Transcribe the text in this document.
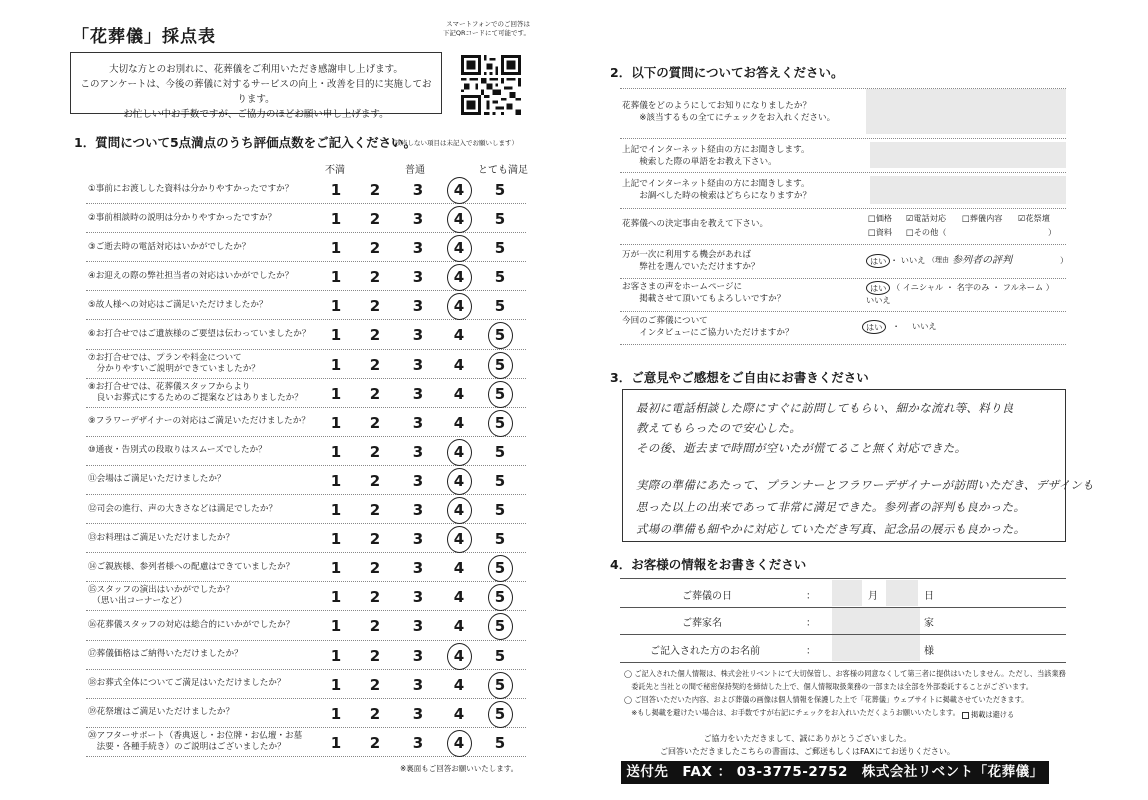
「花葬儀」採点表
スマートフォンでのご回答は
下記QRコードにて可能です。
大切な方とのお別れに、花葬儀をご利用いただき感謝申し上げます。
このアンケートは、今後の葬儀に対するサービスの向上・改善を目的に実施しております。
お忙しい中お手数ですが、ご協力のほどお願い申し上げます。
1．質問について5点満点のうち評価点数をご記入ください。
（該当しない項目は未記入でお願いします）
不満	普通	とても満足
①事前にお渡しした資料は分かりやすかったですか？	1	2	3	4	5
②事前相談時の説明は分かりやすかったですか？	1	2	3	4	5
③ご逝去時の電話対応はいかがでしたか？	1	2	3	4	5
④お迎えの際の弊社担当者の対応はいかがでしたか？	1	2	3	4	5
⑤故人様への対応はご満足いただけましたか？	1	2	3	4	5
⑥お打合せではご遺族様のご要望は伝わっていましたか？	1	2	3	4	5
⑦お打合せでは、プランや料金について
　分かりやすいご説明ができていましたか？	1	2	3	4	5
⑧お打合せでは、花葬儀スタッフからより
　良いお葬式にするためのご提案などはありましたか？	1	2	3	4	5
⑨フラワーデザイナーの対応はご満足いただけましたか？	1	2	3	4	5
⑩通夜・告別式の段取りはスムーズでしたか？	1	2	3	4	5
⑪会場はご満足いただけましたか？	1	2	3	4	5
⑫司会の進行、声の大きさなどは満足でしたか？	1	2	3	4	5
⑬お料理はご満足いただけましたか？	1	2	3	4	5
⑭ご親族様、参列者様への配慮はできていましたか？	1	2	3	4	5
⑮スタッフの演出はいかがでしたか？
　（思い出コーナーなど）	1	2	3	4	5
⑯花葬儀スタッフの対応は総合的にいかがでしたか？	1	2	3	4	5
⑰葬儀価格はご納得いただけましたか？	1	2	3	4	5
⑱お葬式全体についてご満足はいただけましたか？	1	2	3	4	5
⑲花祭壇はご満足いただけましたか？	1	2	3	4	5
⑳アフターサポート（香典返し・お位牌・お仏壇・お墓
　法要・各種手続き）のご説明はございましたか？	1	2	3	4	5
※裏面もご回答お願いいたします。
2．以下の質問についてお答えください。
花葬儀をどのようにしてお知りになりましたか？
　　※該当するもの全てにチェックをお入れください。
上記でインターネット経由の方にお聞きします。
　　検索した際の単語をお教え下さい。
上記でインターネット経由の方にお聞きします。
　　お調べした時の検索はどちらになりますか？
花葬儀への決定事由を教えて下さい。
□価格 ☑電話対応 □葬儀内容 ☑花祭壇
□資料 □その他（	）
万が一次に利用する機会があれば
　　弊社を選んでいただけますか？
はい ・ いいえ （理由 参列者の評判	）
お客さまの声をホームページに
　　掲載させて頂いてもよろしいですか？
はい （ イニシャル ・ 名字のみ ・ フルネーム ）
いいえ
今回のご葬儀について
　　インタビューにご協力いただけますか？
はい	・ いいえ
3．ご意見やご感想をご自由にお書きください
最初に電話相談した際にすぐに訪問してもらい、細かな流れ等、料り良
教えてもらったので安心した。
その後、逝去まで時間が空いたが慌てること無く対応できた。
実際の準備にあたって、プランナーとフラワーデザイナーが訪問いただき、デザインも
思った以上の出来であって非常に満足できた。参列者の評判も良かった。
式場の準備も細やかに対応していただき写真、記念品の展示も良かった。
4．お客様の情報をお書きください
ご葬儀の日	：	月	日
ご葬家名	：	家
ご記入された方のお名前	：	様
◯ ご記入された個人情報は、株式会社リベントにて大切保管し、お客様の同意なくして第三者に提供はいたしません。ただし、当該業務
　委託先と当社との間で秘密保持契約を締結した上で、個人情報取扱業務の一部または全部を外部委託することがございます。
◯ ご回答いただいた内容、および葬儀の画像は個人情報を保護した上で「花葬儀」ウェブサイトに掲載させていただきます。
　※もし掲載を避けたい場合は、お手数ですが右記にチェックをお入れいただくようお願いいたします。	掲載は避ける
ご協力をいただきまして、誠にありがとうございました。
ご回答いただきましたこちらの書面は、ご郵送もしくはFAXにてお送りください。
送付先　FAX ： 03-3775-2752　株式会社リベント「花葬儀」
